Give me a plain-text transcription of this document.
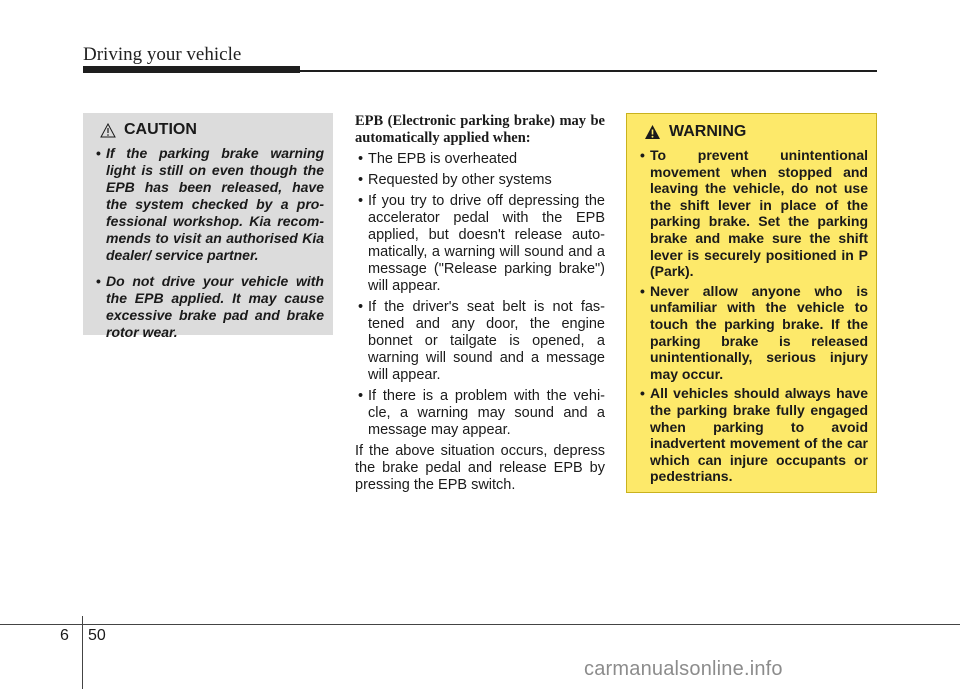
Driving your vehicle
CAUTION
• If the parking brake warning light is still on even though the EPB has been released, have the system checked by a pro- fessional workshop. Kia recom- mends to visit an authorised Kia dealer/ service partner.
• Do not drive your vehicle with the EPB applied. It may cause excessive brake pad and brake rotor wear.

EPB (Electronic parking brake) may be automatically applied when:

• The EPB is overheated
• Requested by other systems
• If you try to drive off depressing the accelerator pedal with the EPB applied, but doesn't release auto- matically, a warning will sound and a message ("Release parking brake") will appear.
• If the driver's seat belt is not fas- tened and any door, the engine bonnet or tailgate is opened, a warning will sound and a message will appear.
• If there is a problem with the vehi- cle, a warning may sound and a message may appear.

If the above situation occurs, depress the brake pedal and release EPB by pressing the EPB switch.

WARNING
• To prevent unintentional movement when stopped and leaving the vehicle, do not use the shift lever in place of the parking brake. Set the parking brake and make sure the shift lever is securely positioned in P (Park).
• Never allow anyone who is unfamiliar with the vehicle to touch the parking brake. If the parking brake is released unintentionally, serious injury may occur.
• All vehicles should always have the parking brake fully engaged when parking to avoid inadvertent movement of the car which can injure occupants or pedestrians.
6 50
carmanualsonline.info
